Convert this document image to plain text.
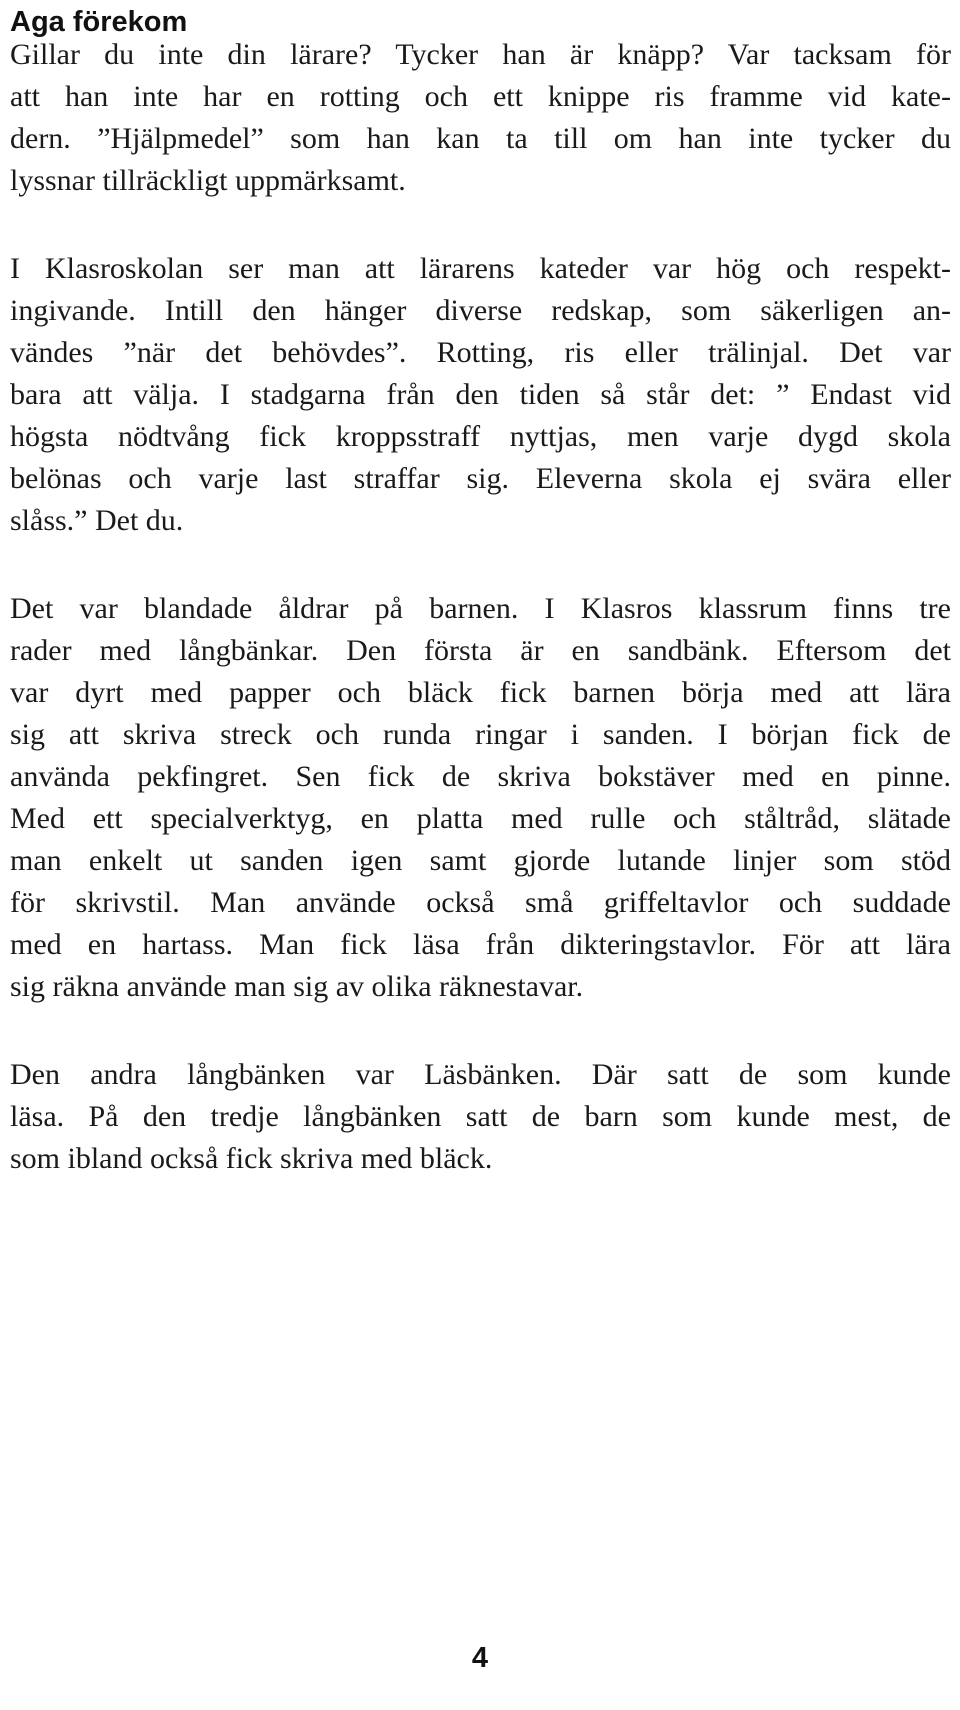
Aga förekom

Gillar du inte din lärare? Tycker han är knäpp? Var tacksam för

att han inte har en rotting och ett knippe ris framme vid kate-

dern. ”Hjälpmedel” som han kan ta till om han inte tycker du

lyssnar tillräckligt uppmärksamt.

I Klasroskolan ser man att lärarens kateder var hög och respekt-

ingivande. Intill den hänger diverse redskap, som säkerligen an-

vändes ”när det behövdes”. Rotting, ris eller trälinjal. Det var

bara att välja. I stadgarna från den tiden så står det: ” Endast vid

högsta nödtvång fick kroppsstraff nyttjas, men varje dygd skola

belönas och varje last straffar sig. Eleverna skola ej svära eller

slåss.” Det du.

Det var blandade åldrar på barnen. I Klasros klassrum finns tre

rader med långbänkar. Den första är en sandbänk. Eftersom det

var dyrt med papper och bläck fick barnen börja med att lära

sig att skriva streck och runda ringar i sanden. I början fick de

använda pekfingret. Sen fick de skriva bokstäver med en pinne.

Med ett specialverktyg, en platta med rulle och ståltråd, slätade

man enkelt ut sanden igen samt gjorde lutande linjer som stöd

för skrivstil. Man använde också små griffeltavlor och suddade

med en hartass. Man fick läsa från dikteringstavlor. För att lära

sig räkna använde man sig av olika räknestavar.

Den andra långbänken var Läsbänken. Där satt de som kunde

läsa. På den tredje långbänken satt de barn som kunde mest, de

som ibland också fick skriva med bläck.

4
